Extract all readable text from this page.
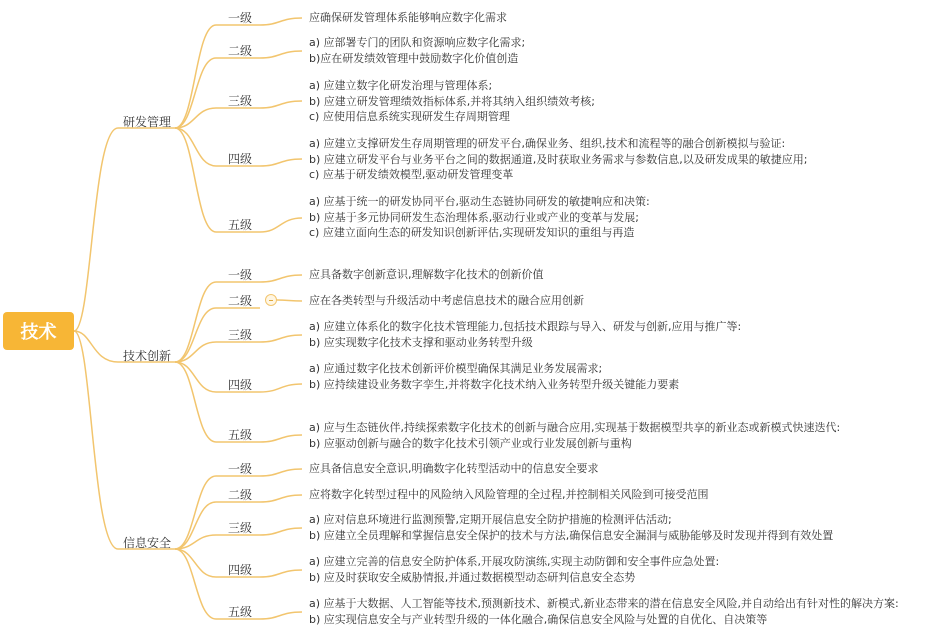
技术
研发管理
技术创新
信息安全
一级
二级
三级
四级
五级
一级
二级
三级
四级
五级
一级
二级
三级
四级
五级
应确保研发管理体系能够响应数字化需求
a) 应部署专门的团队和资源响应数字化需求;
b)应在研发绩效管理中鼓励数字化价值创造
a) 应建立数字化研发治理与管理体系;
b) 应建立研发管理绩效指标体系,并将其纳入组织绩效考核;
c) 应使用信息系统实现研发生存周期管理
a) 应建立支撑研发生存周期管理的研发平台,确保业务、组织,技术和流程等的融合创新模拟与验证:
b) 应建立研发平台与业务平台之间的数据通道,及时获取业务需求与参数信息,以及研发成果的敏捷应用;
c) 应基于研发绩效模型,驱动研发管理变革
a) 应基于统一的研发协同平台,驱动生态链协同研发的敏捷响应和决策:
b) 应基于多元协同研发生态治理体系,驱动行业或产业的变革与发展;
c) 应建立面向生态的研发知识创新评估,实现研发知识的重组与再造
应具备数字创新意识,理解数字化技术的创新价值
应在各类转型与升级活动中考虑信息技术的融合应用创新
a) 应建立体系化的数字化技术管理能力,包括技术跟踪与导入、研发与创新,应用与推广等:
b) 应实现数字化技术支撑和驱动业务转型升级
a) 应通过数字化技术创新评价模型确保其满足业务发展需求;
b) 应持续建设业务数字孪生,并将数字化技术纳入业务转型升级关键能力要素
a) 应与生态链伙伴,持续探索数字化技术的创新与融合应用,实现基于数据模型共享的新业态或新模式快速迭代:
b) 应驱动创新与融合的数字化技术引领产业或行业发展创新与重构
应具备信息安全意识,明确数字化转型活动中的信息安全要求
应将数字化转型过程中的风险纳入风险管理的全过程,并控制相关风险到可接受范围
a) 应对信息环境进行监测预警,定期开展信息安全防护措施的检测评估活动;
b) 应建立全员理解和掌握信息安全保护的技术与方法,确保信息安全漏洞与威胁能够及时发现并得到有效处置
a) 应建立完善的信息安全防护体系,开展攻防演练,实现主动防御和安全事件应急处置:
b) 应及时获取安全威胁情报,并通过数据模型动态研判信息安全态势
a) 应基于大数据、人工智能等技术,预测新技术、新模式,新业态带来的潜在信息安全风险,并自动给出有针对性的解决方案:
b) 应实现信息安全与产业转型升级的一体化融合,确保信息安全风险与处置的自优化、自决策等
